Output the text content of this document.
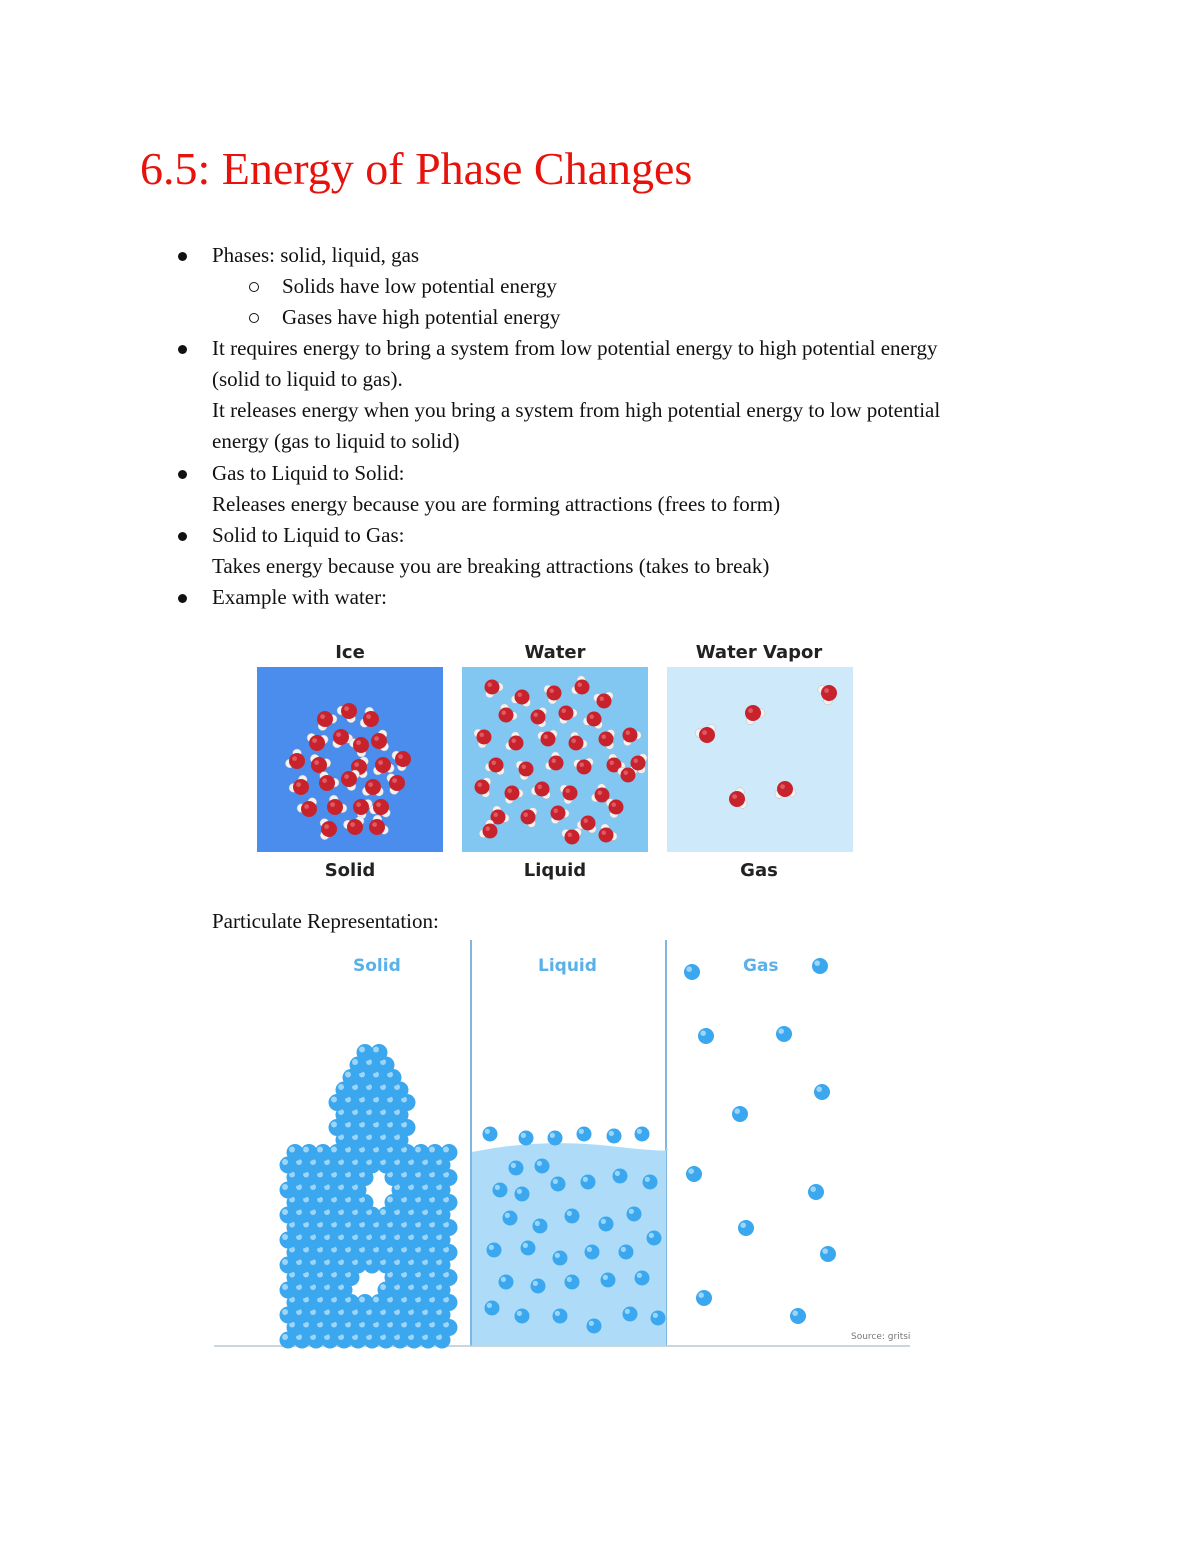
6.5: Energy of Phase Changes
Phases: solid, liquid, gas
Solids have low potential energy
Gases have high potential energy
It requires energy to bring a system from low potential energy to high potential energy
(solid to liquid to gas).
It releases energy when you bring a system from high potential energy to low potential
energy (gas to liquid to solid)
Gas to Liquid to Solid:
Releases energy because you are forming attractions (frees to form)
Solid to Liquid to Gas:
Takes energy because you are breaking attractions (takes to break)
Example with water:
Ice	Water	Water Vapor
Solid	Liquid	Gas
Particulate Representation:
Solid	Liquid	Gas
Source: gritsi
